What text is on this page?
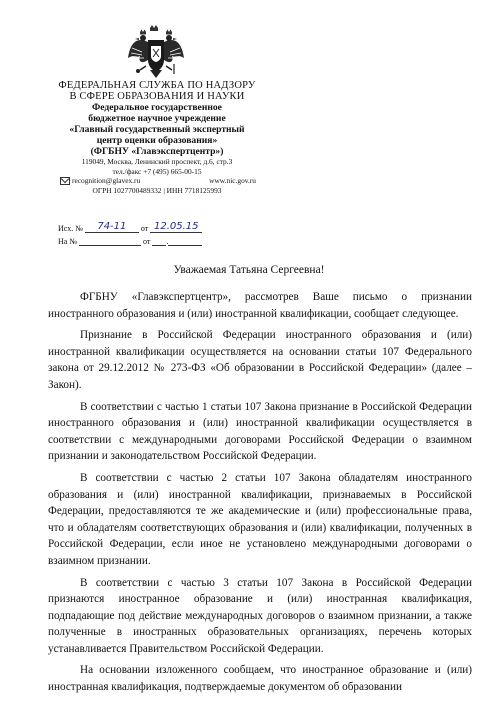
ФЕДЕРАЛЬНАЯ СЛУЖБА ПО НАДЗОРУ
В СФЕРЕ ОБРАЗОВАНИЯ И НАУКИ
Федеральное государственное
бюджетное научное учреждение
«Главный государственный экспертный
центр оценки образования»
(ФГБНУ «Главэкспертцентр»)
119049, Москва, Ленинский проспект, д.6, стр.3
тел./факс +7 (495) 665-00-15
recognition@glavex.ru	www.nic.gov.ru
ОГРН 1027700489332 | ИНН 7718125993
Исх. № 74-11 от 12.05.15
На №	от .
Уважаемая Татьяна Сергеевна!

ФГБНУ «Главэкспертцентр», рассмотрев Ваше письмо о признании иностранного образования и (или) иностранной квалификации, сообщает следующее.

Признание в Российской Федерации иностранного образования и (или) иностранной квалификации осуществляется на основании статьи 107 Федерального закона от 29.12.2012 № 273-ФЗ «Об образовании в Российской Федерации» (далее – Закон).

В соответствии с частью 1 статьи 107 Закона признание в Российской Федерации иностранного образования и (или) иностранной квалификации осуществляется в соответствии с международными договорами Российской Федерации о взаимном признании и законодательством Российской Федерации.

В соответствии с частью 2 статьи 107 Закона обладателям иностранного образования и (или) иностранной квалификации, признаваемых в Российской Федерации, предоставляются те же академические и (или) профессиональные права, что и обладателям соответствующих образования и (или) квалификации, полученных в Российской Федерации, если иное не установлено международными договорами о взаимном признании.

В соответствии с частью 3 статьи 107 Закона в Российской Федерации признаются иностранное образование и (или) иностранная квалификация, подпадающие под действие международных договоров о взаимном признании, а также полученные в иностранных образовательных организациях, перечень которых устанавливается Правительством Российской Федерации.

На основании изложенного сообщаем, что иностранное образование и (или) иностранная квалификация, подтверждаемые документом об образовании
